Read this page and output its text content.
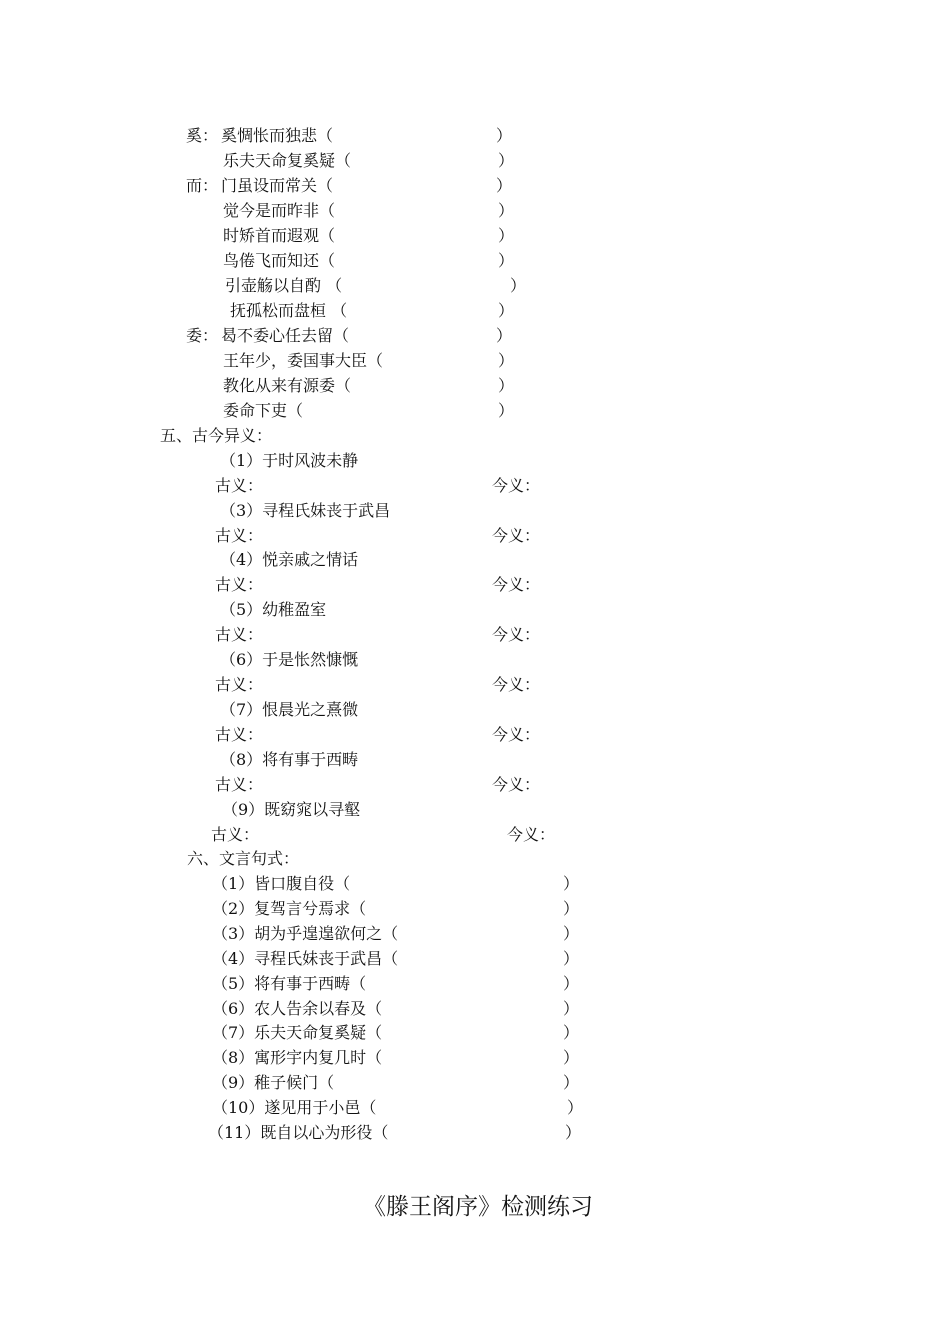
奚： 奚惆怅而独悲（	）
乐夫天命复奚疑（	）
而： 门虽设而常关（	）
觉今是而昨非（	）
时矫首而遐观（	）
鸟倦飞而知还（	）
引壶觞以自酌 （	）
抚孤松而盘桓 （	）
委： 曷不委心任去留（	）
王年少，委国事大臣（	）
教化从来有源委（	）
委命下吏（	）
五、古今异义：
（1）于时风波未静
古义：	今义：
（3）寻程氏妹丧于武昌
古义：	今义：
（4）悦亲戚之情话
古义：	今义：
（5）幼稚盈室
古义：	今义：
（6）于是怅然慷慨
古义：	今义：
（7）恨晨光之熹微
古义：	今义：
（8）将有事于西畴
古义：	今义：
（9）既窈窕以寻壑
古义：	今义：
六、文言句式：
（1）皆口腹自役（	）
（2）复驾言兮焉求（	）
（3）胡为乎遑遑欲何之（	）
（4）寻程氏妹丧于武昌（	）
（5）将有事于西畴（	）
（6）农人告余以春及（	）
（7）乐夫天命复奚疑（	）
（8）寓形宇内复几时（	）
（9）稚子候门（	）
（10）遂见用于小邑（	）
（11）既自以心为形役（	）
《滕王阁序》检测练习
